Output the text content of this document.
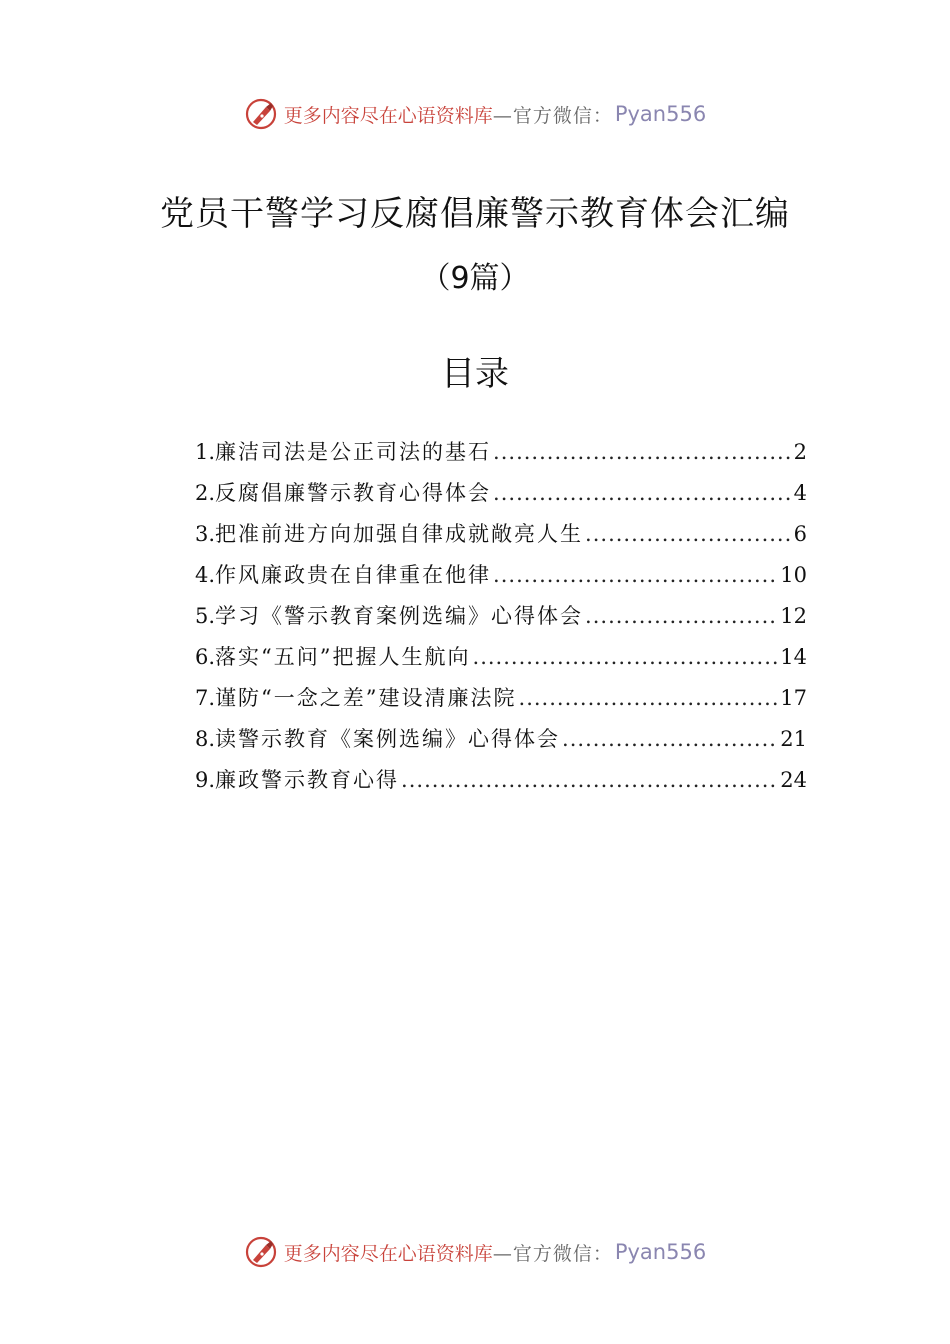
更多内容尽在心语资料库 —官方微信： Pyan556
党员干警学习反腐倡廉警示教育体会汇编
（9篇）
目录
1. 廉洁司法是公正司法的基石 .....	2
2. 反腐倡廉警示教育心得体会 .....	4
3. 把准前进方向加强自律成就敞亮人生 .....	6
4. 作风廉政贵在自律重在他律 .....	10
5. 学习《警示教育案例选编》心得体会 .....	12
6. 落实“五问”把握人生航向 .....	14
7. 谨防“一念之差”建设清廉法院 .....	17
8. 读警示教育《案例选编》心得体会 .....	21
9. 廉政警示教育心得 .....	24
更多内容尽在心语资料库 —官方微信： Pyan556
